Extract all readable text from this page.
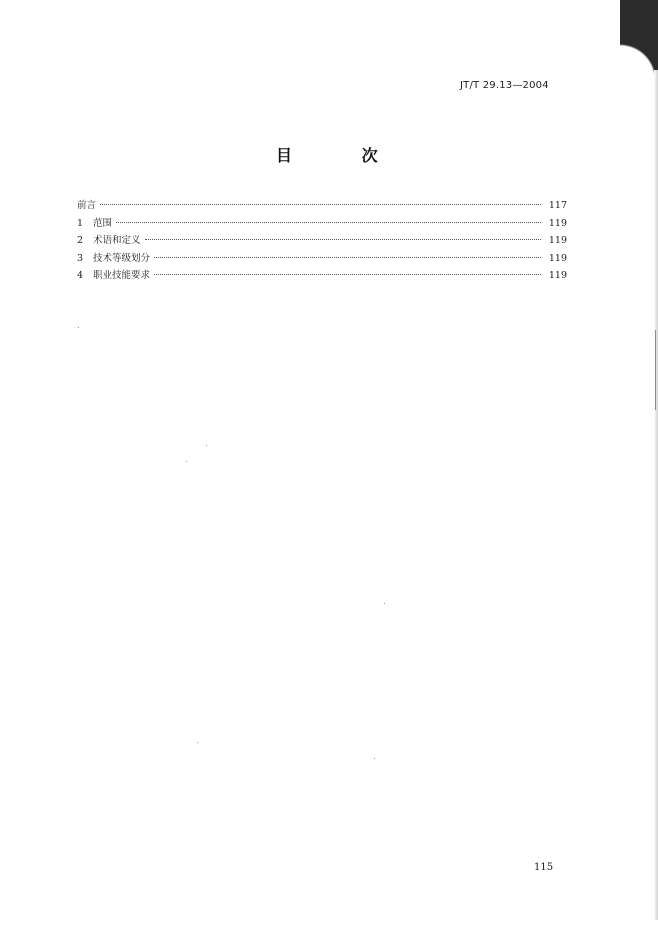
JT/T 29.13—2004
目 次
前言	117
1	范围	119
2	术语和定义	119
3	技术等级划分	119
4	职业技能要求	119
115
